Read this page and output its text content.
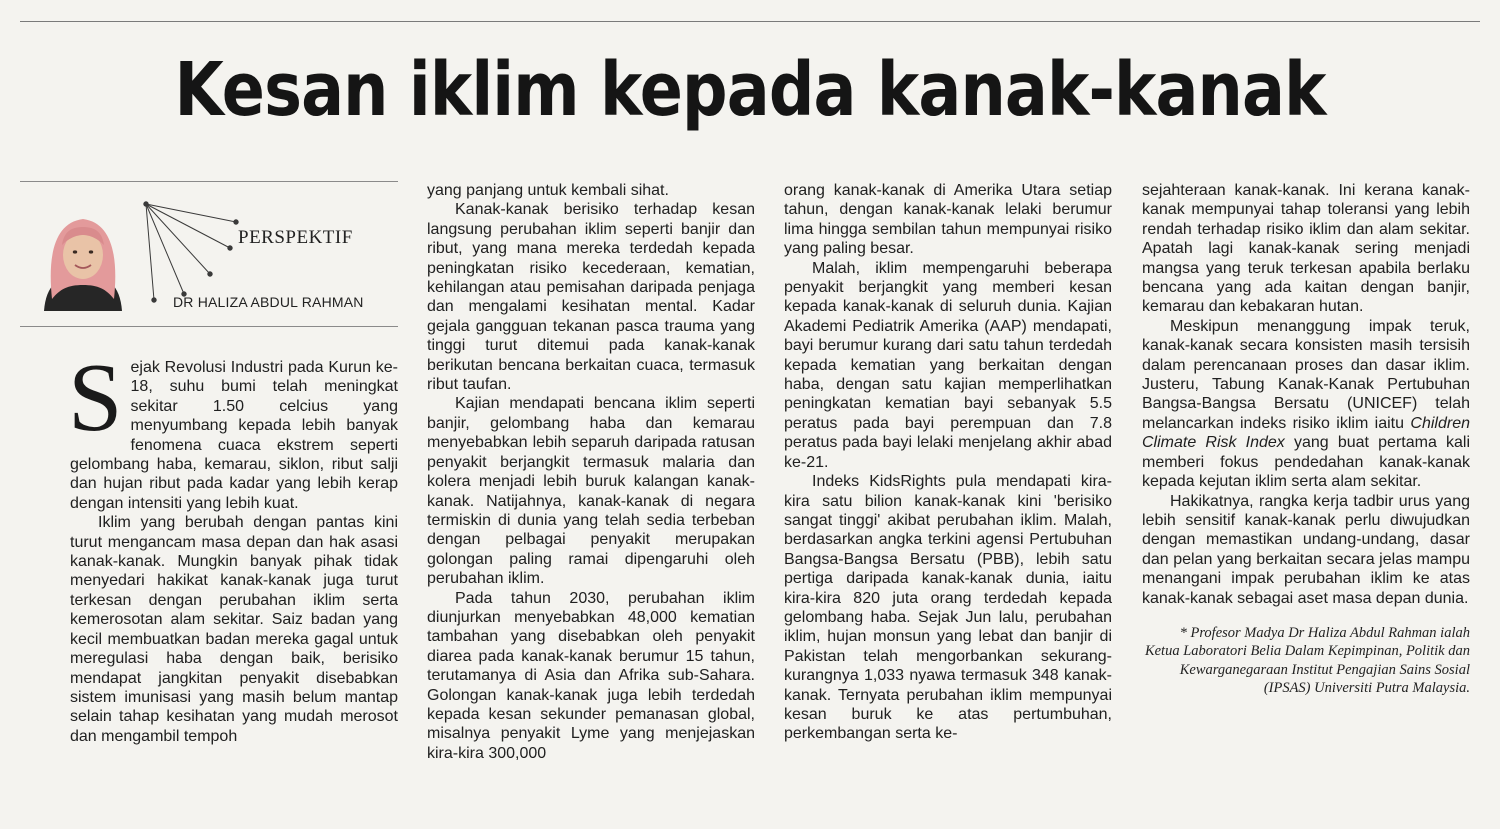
Kesan iklim kepada kanak-kanak
PERSPEKTIF
DR HALIZA ABDUL RAHMAN

Sejak Revolusi Industri pada Kurun ke-18, suhu bumi telah meningkat sekitar 1.50 celcius yang menyumbang kepada lebih banyak fenomena cuaca ekstrem seperti gelombang haba, kemarau, siklon, ribut salji dan hujan ribut pada kadar yang lebih kerap dengan intensiti yang lebih kuat.

Iklim yang berubah dengan pantas kini turut mengancam masa depan dan hak asasi kanak-kanak. Mungkin banyak pihak tidak menyedari hakikat kanak-kanak juga turut terkesan dengan perubahan iklim serta kemerosotan alam sekitar. Saiz badan yang kecil membuatkan badan mereka gagal untuk meregulasi haba dengan baik, berisiko mendapat jangkitan penyakit disebabkan sistem imunisasi yang masih belum mantap selain tahap kesihatan yang mudah merosot dan mengambil tempoh

yang panjang untuk kembali sihat.

Kanak-kanak berisiko terhadap kesan langsung perubahan iklim seperti banjir dan ribut, yang mana mereka terdedah kepada peningkatan risiko kecederaan, kematian, kehilangan atau pemisahan daripada penjaga dan mengalami kesihatan mental. Kadar gejala gangguan tekanan pasca trauma yang tinggi turut ditemui pada kanak-kanak berikutan bencana berkaitan cuaca, termasuk ribut taufan.

Kajian mendapati bencana iklim seperti banjir, gelombang haba dan kemarau menyebabkan lebih separuh daripada ratusan penyakit berjangkit termasuk malaria dan kolera menjadi lebih buruk kalangan kanak-kanak. Natijahnya, kanak-kanak di negara termiskin di dunia yang telah sedia terbeban dengan pelbagai penyakit merupakan golongan paling ramai dipengaruhi oleh perubahan iklim.

Pada tahun 2030, perubahan iklim diunjurkan menyebabkan 48,000 kematian tambahan yang disebabkan oleh penyakit diarea pada kanak-kanak berumur 15 tahun, terutamanya di Asia dan Afrika sub-Sahara. Golongan kanak-kanak juga lebih terdedah kepada kesan sekunder pemanasan global, misalnya penyakit Lyme yang menjejaskan kira-kira 300,000

orang kanak-kanak di Amerika Utara setiap tahun, dengan kanak-kanak lelaki berumur lima hingga sembilan tahun mempunyai risiko yang paling besar.

Malah, iklim mempengaruhi beberapa penyakit berjangkit yang memberi kesan kepada kanak-kanak di seluruh dunia. Kajian Akademi Pediatrik Amerika (AAP) mendapati, bayi berumur kurang dari satu tahun terdedah kepada kematian yang berkaitan dengan haba, dengan satu kajian memperlihatkan peningkatan kematian bayi sebanyak 5.5 peratus pada bayi perempuan dan 7.8 peratus pada bayi lelaki menjelang akhir abad ke-21.

Indeks KidsRights pula mendapati kira-kira satu bilion kanak-kanak kini 'berisiko sangat tinggi' akibat perubahan iklim. Malah, berdasarkan angka terkini agensi Pertubuhan Bangsa-Bangsa Bersatu (PBB), lebih satu pertiga daripada kanak-kanak dunia, iaitu kira-kira 820 juta orang terdedah kepada gelombang haba. Sejak Jun lalu, perubahan iklim, hujan monsun yang lebat dan banjir di Pakistan telah mengorbankan sekurang-kurangnya 1,033 nyawa termasuk 348 kanak-kanak. Ternyata perubahan iklim mempunyai kesan buruk ke atas pertumbuhan, perkembangan serta ke-

sejahteraan kanak-kanak. Ini kerana kanak-kanak mempunyai tahap toleransi yang lebih rendah terhadap risiko iklim dan alam sekitar. Apatah lagi kanak-kanak sering menjadi mangsa yang teruk terkesan apabila berlaku bencana yang ada kaitan dengan banjir, kemarau dan kebakaran hutan.

Meskipun menanggung impak teruk, kanak-kanak secara konsisten masih tersisih dalam perencanaan proses dan dasar iklim. Justeru, Tabung Kanak-Kanak Pertubuhan Bangsa-Bangsa Bersatu (UNICEF) telah melancarkan indeks risiko iklim iaitu Children Climate Risk Index yang buat pertama kali memberi fokus pendedahan kanak-kanak kepada kejutan iklim serta alam sekitar.

Hakikatnya, rangka kerja tadbir urus yang lebih sensitif kanak-kanak perlu diwujudkan dengan memastikan undang-undang, dasar dan pelan yang berkaitan secara jelas mampu menangani impak perubahan iklim ke atas kanak-kanak sebagai aset masa depan dunia.

* Profesor Madya Dr Haliza Abdul Rahman ialah Ketua Laboratori Belia Dalam Kepimpinan, Politik dan Kewarganegaraan Institut Pengajian Sains Sosial (IPSAS) Universiti Putra Malaysia.
